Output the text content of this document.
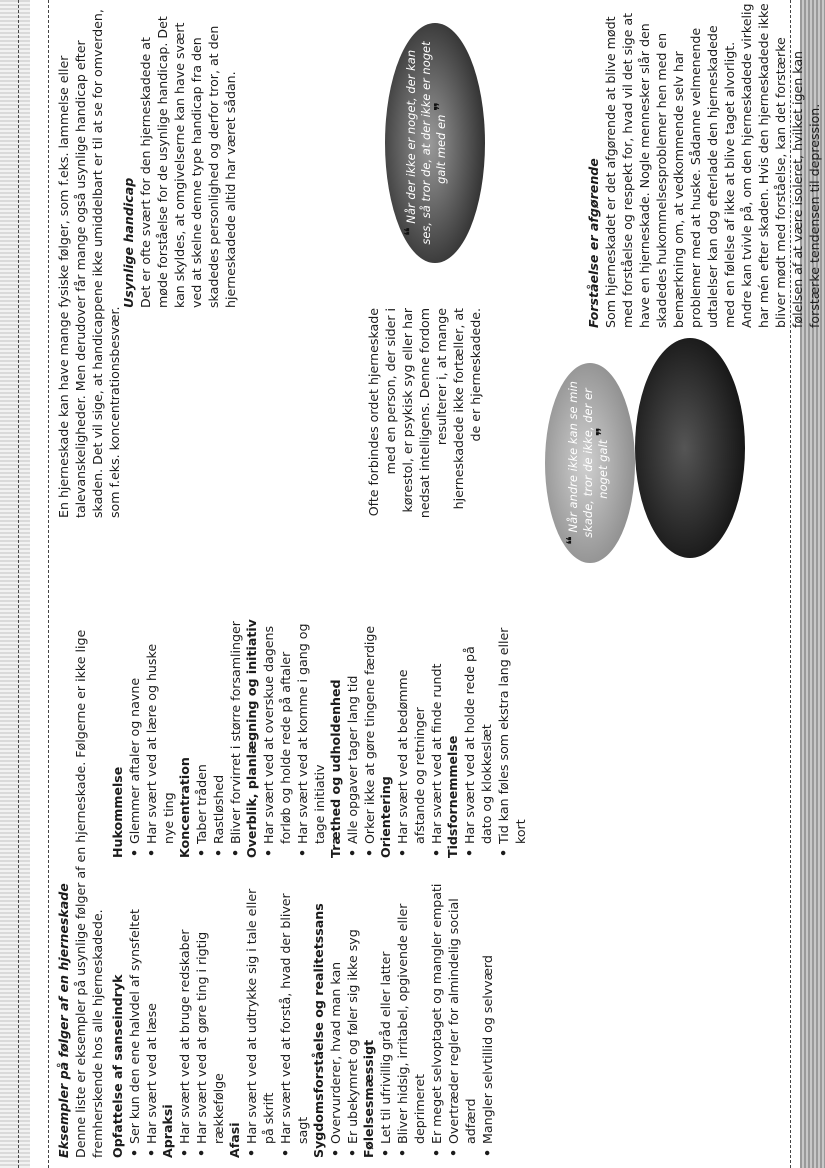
En hjerneskade kan have mange fysiske følger, som f.eks. lammelse eller talevanskeligheder. Men derudover får mange også usynlige handicap efter skaden. Det vil sige, at handicappene ikke umiddelbart er til at se for omverden, som f.eks. koncentrationsbesvær.

Usynlige handicap Det er ofte svært for den hjerneskadede at møde forståelse for de usynlige handicap. Det kan skyldes, at omgivelserne kan have svært ved at skelne denne type handicap fra den skadedes personlighed og derfor tror, at den hjerneskadede altid har været sådan.	❝ Når der ikke er noget, der kan ses, så tror de, at der ikke er noget galt med en ❞

Ofte forbindes ordet hjerneskade med en person, der sider i kørestol, er psykisk syg eller har nedsat intelligens. Denne fordom resulterer i, at mange hjerneskadede ikke fortæller, at de er hjerneskadede.

❝ Når andre ikke kan se min skade, tror de ikke, der er noget galt ❞

Forståelse er afgørende Som hjerneskadet er det afgørende at blive mødt med forståelse og respekt for, hvad vil det sige at have en hjerneskade. Nogle mennesker slår den skadedes hukommelsesproblemer hen med en bemærkning om, at vedkommende selv har problemer med at huske. Sådanne velmenende udtalelser kan dog efterlade den hjerneskadede med en følelse af ikke at blive taget alvorligt. Andre kan tvivle på, om den hjerneskadede virkelig har mén efter skaden. Hvis den hjerneskadede ikke bliver mødt med forståelse, kan det forstærke følelsen af at være isoleret, hvilket igen kan forstærke tendensen til depression.

Eksempler på følger af en hjerneskade Denne liste er eksempler på usynlige følger af en hjerneskade. Følgerne er ikke lige fremherskende hos alle hjerneskadede.

Hukommelse • Glemmer aftaler og navne • Har svært ved at lære og huske nye ting Koncentration • Taber tråden • Rastløshed • Bliver forvirret i større forsamlinger Overblik, planlægning og initiativ • Har svært ved at overskue dagens forløb og holde rede på aftaler • Har svært ved at komme i gang og tage initiativ Træthed og udholdenhed • Alle opgaver tager lang tid • Orker ikke at gøre tingene færdige Orientering • Har svært ved at bedømme afstande og retninger • Har svært ved at finde rundt Tidsfornemmelse • Har svært ved at holde rede på dato og klokkeslæt • Tid kan føles som ekstra lang eller kort

Opfattelse af sanseindryk • Ser kun den ene halvdel af synsfeltet • Har svært ved at læse Apraksi • Har svært ved at bruge redskaber • Har svært ved at gøre ting i rigtig rækkefølge Afasi • Har svært ved at udtrykke sig i tale eller på skrift • Har svært ved at forstå, hvad der bliver sagt Sygdomsforståelse og realitetssans • Overvurderer, hvad man kan • Er ubekymret og føler sig ikke syg Følelsesmæssigt • Let til ufrivillig gråd eller latter • Bliver hidsig, irritabel, opgivende eller deprimeret • Er meget selvoptaget og mangler empati • Overtræder regler for almindelig social adfærd • Mangler selvtillid og selvværd
